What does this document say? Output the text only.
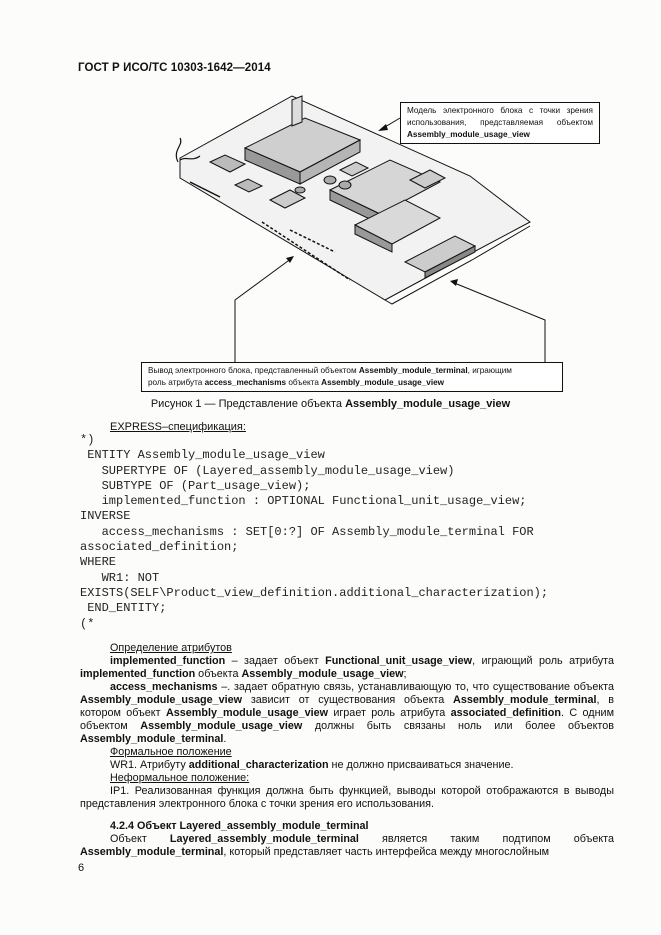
ГОСТ Р ИСО/ТС 10303-1642—2014
Модель электронного блока с точки зрения использования, представляемая объектом Assembly_module_usage_view
Вывод электронного блока, представленный объектом Assembly_module_terminal, играющим
роль атрибута access_mechanisms объекта Assembly_module_usage_view
Рисунок 1 — Представление объекта Assembly_module_usage_view
EXPRESS–спецификация:
*)
ENTITY Assembly_module_usage_view
SUPERTYPE OF (Layered_assembly_module_usage_view)
SUBTYPE OF (Part_usage_view);
implemented_function : OPTIONAL Functional_unit_usage_view;
INVERSE
access_mechanisms : SET[0:?] OF Assembly_module_terminal FOR
associated_definition;
WHERE
WR1: NOT
EXISTS(SELF\Product_view_definition.additional_characterization);
END_ENTITY;
(*

Определение атрибутов

implemented_function – задает объект Functional_unit_usage_view, играющий роль атрибута implemented_function объекта Assembly_module_usage_view;

access_mechanisms –. задает обратную связь, устанавливающую то, что существование объекта Assembly_module_usage_view зависит от существования объекта Assembly_module_terminal, в котором объект Assembly_module_usage_view играет роль атрибута associated_definition. С одним объектом Assembly_module_usage_view должны быть связаны ноль или более объектов Assembly_module_terminal.

Формальное положение

WR1. Атрибуту additional_characterization не должно присваиваться значение.

Неформальное положение:

IP1. Реализованная функция должна быть функцией, выводы которой отображаются в выводы представления электронного блока с точки зрения его использования.

4.2.4 Объект Layered_assembly_module_terminal

Объект Layered_assembly_module_terminal является таким подтипом объекта Assembly_module_terminal, который представляет часть интерфейса между многослойным

6
